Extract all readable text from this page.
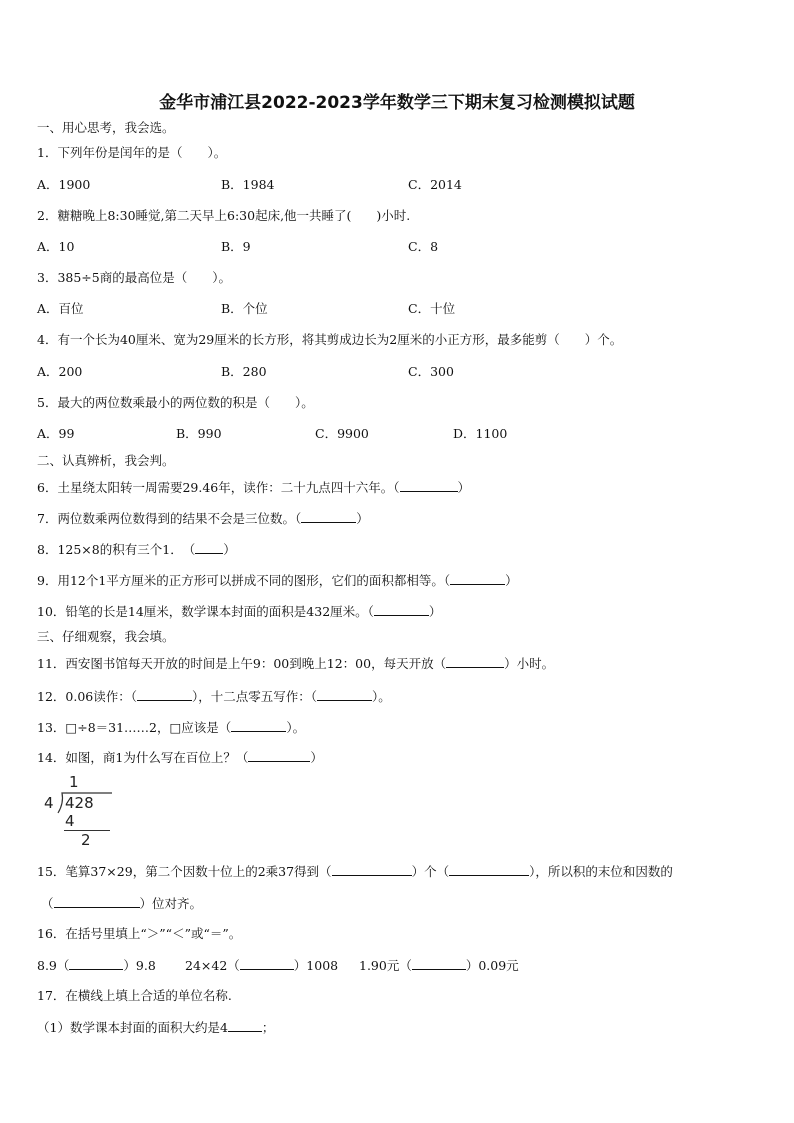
金华市浦江县2022-2023学年数学三下期末复习检测模拟试题
一、用心思考，我会选。
1．下列年份是闰年的是（　　）。
A．1900	B．1984	C．2014
2．糖糖晚上8:30睡觉,第二天早上6:30起床,他一共睡了(　　)小时.
A．10	B．9	C．8
3．385÷5商的最高位是（　　）。
A．百位	B．个位	C．十位
4．有一个长为40厘米、宽为29厘米的长方形，将其剪成边长为2厘米的小正方形，最多能剪（　　）个。
A．200	B．280	C．300
5．最大的两位数乘最小的两位数的积是（　　）。
A．99	B．990	C．9900	D．1100
二、认真辨析，我会判。
6．土星绕太阳转一周需要29.46年，读作：二十九点四十六年。（	）
7．两位数乘两位数得到的结果不会是三位数。（	）
8．125×8的积有三个1．　（ ）
9．用12个1平方厘米的正方形可以拼成不同的图形，它们的面积都相等。（	）
10．铅笔的长是14厘米，数学课本封面的面积是432厘米。（	）
三、仔细观察，我会填。
11．西安图书馆每天开放的时间是上午9：00到晚上12：00，每天开放（	）小时。
12．0.06读作：（	），十二点零五写作：（	）。
13．□÷8＝31……2，□应该是（	）。
14．如图，商1为什么写在百位上？（	）
1
4 428
4
2
15．笔算37×29，第二个因数十位上的2乘37得到（	）个（	），所以积的末位和因数的
（	）位对齐。
16．在括号里填上“＞”“＜”或“＝”。
8.9（	）9.8 24×42（	）1008 1.90元（	）0.09元
17．在横线上填上合适的单位名称.
（1）数学课本封面的面积大约是4	；
